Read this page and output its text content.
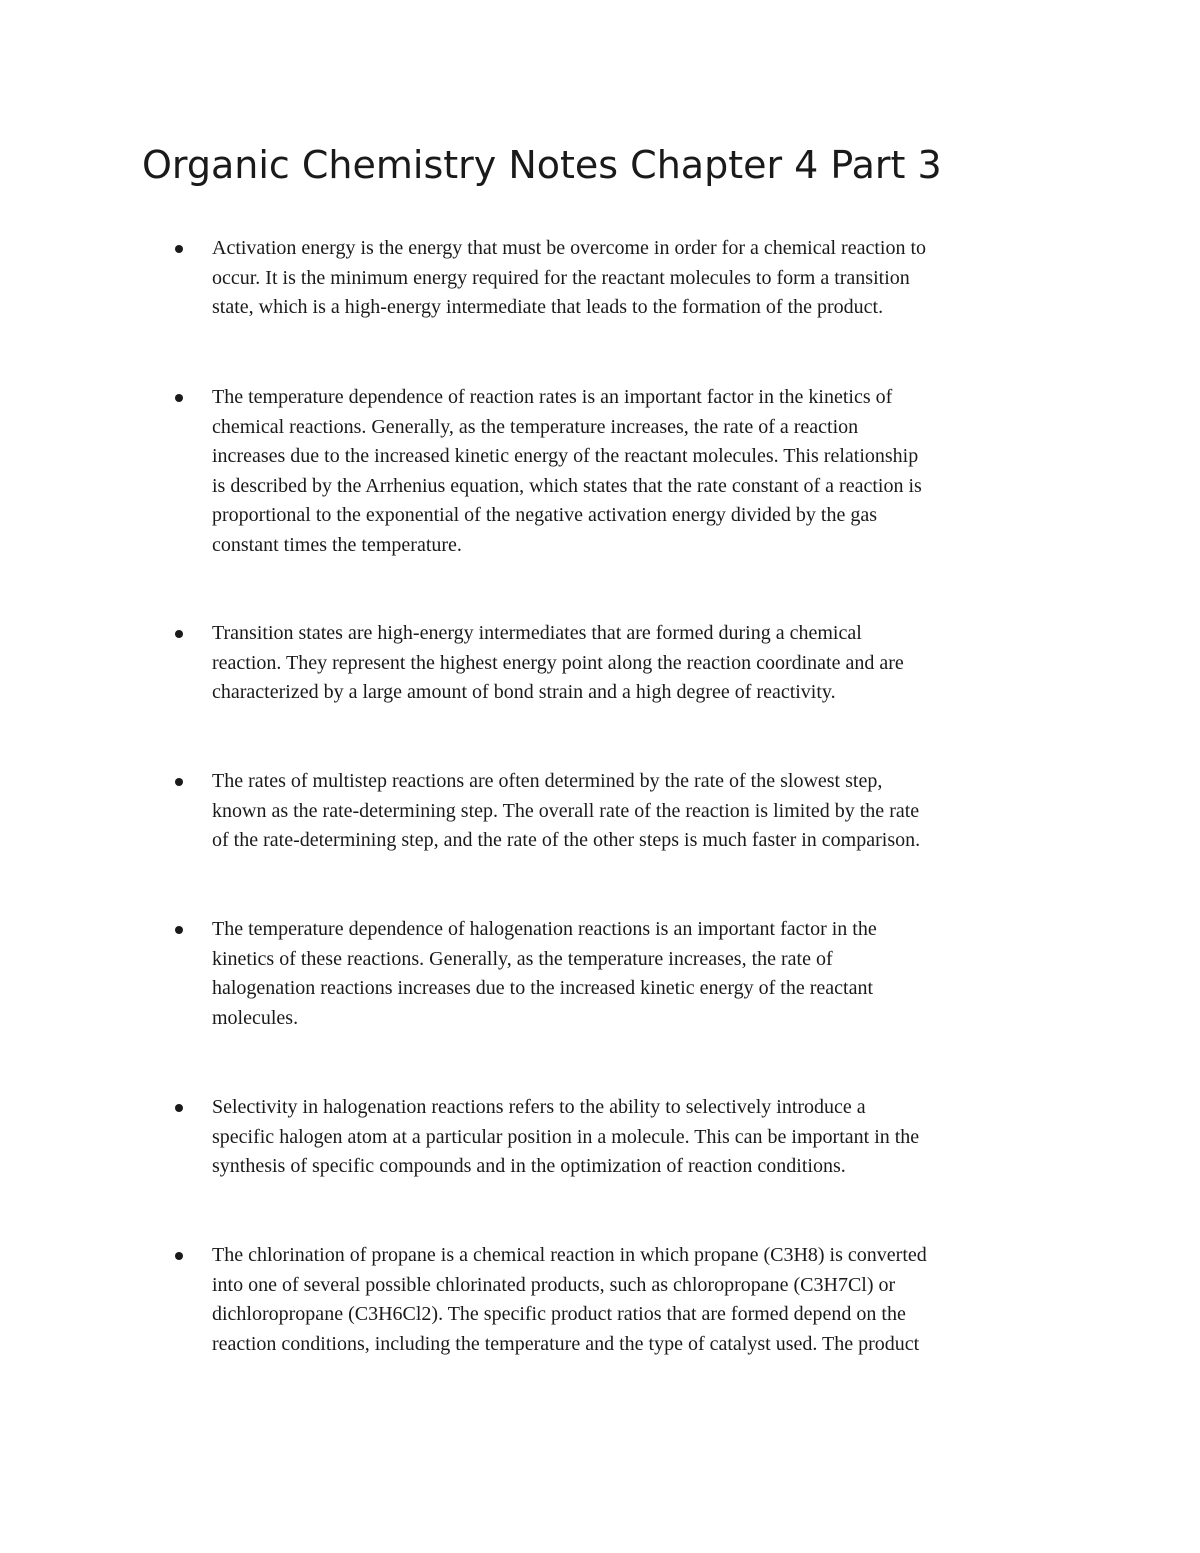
Organic Chemistry Notes Chapter 4 Part 3
Activation energy is the energy that must be overcome in order for a chemical reaction to
occur. It is the minimum energy required for the reactant molecules to form a transition
state, which is a high-energy intermediate that leads to the formation of the product.
The temperature dependence of reaction rates is an important factor in the kinetics of
chemical reactions. Generally, as the temperature increases, the rate of a reaction
increases due to the increased kinetic energy of the reactant molecules. This relationship
is described by the Arrhenius equation, which states that the rate constant of a reaction is
proportional to the exponential of the negative activation energy divided by the gas
constant times the temperature.
Transition states are high-energy intermediates that are formed during a chemical
reaction. They represent the highest energy point along the reaction coordinate and are
characterized by a large amount of bond strain and a high degree of reactivity.
The rates of multistep reactions are often determined by the rate of the slowest step,
known as the rate-determining step. The overall rate of the reaction is limited by the rate
of the rate-determining step, and the rate of the other steps is much faster in comparison.
The temperature dependence of halogenation reactions is an important factor in the
kinetics of these reactions. Generally, as the temperature increases, the rate of
halogenation reactions increases due to the increased kinetic energy of the reactant
molecules.
Selectivity in halogenation reactions refers to the ability to selectively introduce a
specific halogen atom at a particular position in a molecule. This can be important in the
synthesis of specific compounds and in the optimization of reaction conditions.
The chlorination of propane is a chemical reaction in which propane (C3H8) is converted
into one of several possible chlorinated products, such as chloropropane (C3H7Cl) or
dichloropropane (C3H6Cl2). The specific product ratios that are formed depend on the
reaction conditions, including the temperature and the type of catalyst used. The product
